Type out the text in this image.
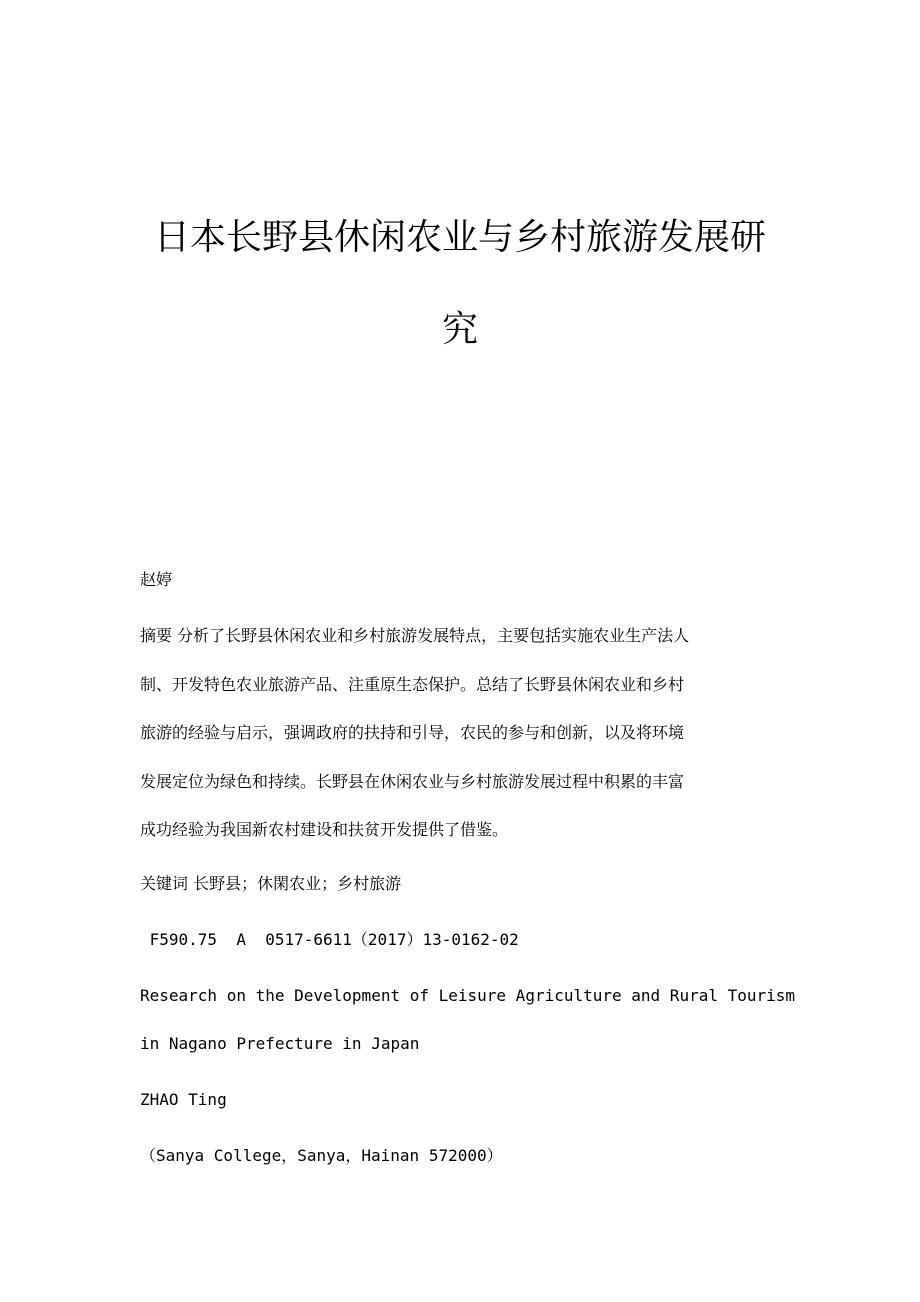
日本长野县休闲农业与乡村旅游发展研
究

赵婷

摘要 分析了长野县休闲农业和乡村旅游发展特点，主要包括实施农业生产法人
制、开发特色农业旅游产品、注重原生态保护。总结了长野县休闲农业和乡村
旅游的经验与启示，强调政府的扶持和引导，农民的参与和创新，以及将环境
发展定位为绿色和持续。长野县在休闲农业与乡村旅游发展过程中积累的丰富
成功经验为我国新农村建设和扶贫开发提供了借鉴。

关键词 长野县；休閑农业；乡村旅游

F590.75  A  0517-6611（2017）13-0162-02

Research on the Development of Leisure Agriculture and Rural Tourism

in Nagano Prefecture in Japan

ZHAO Ting

（Sanya College，Sanya，Hainan 572000）
